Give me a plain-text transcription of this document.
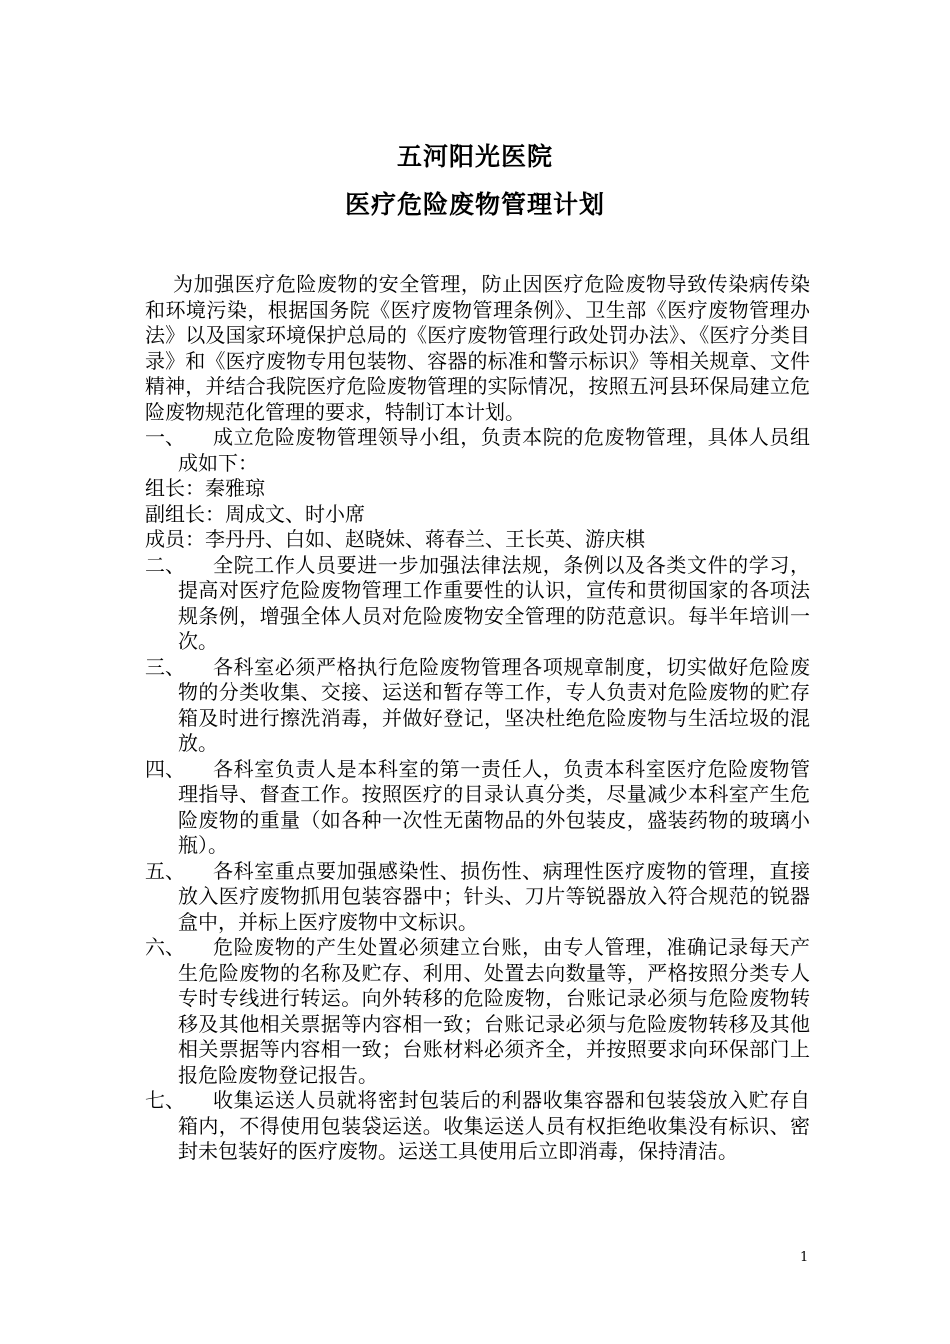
五河阳光医院
医疗危险废物管理计划

为加强医疗危险废物的安全管理，防止因医疗危险废物导致传染病传染和环境污染，根据国务院《医疗废物管理条例》、卫生部《医疗废物管理办法》以及国家环境保护总局的《医疗废物管理行政处罚办法》、《医疗分类目录》和《医疗废物专用包装物、容器的标准和警示标识》等相关规章、文件精神，并结合我院医疗危险废物管理的实际情况，按照五河县环保局建立危险废物规范化管理的要求，特制订本计划。

一、	成立危险废物管理领导小组，负责本院的危废物管理，具体人员组成如下：

组长：秦雅琼

副组长：周成文、时小席

成员：李丹丹、白如、赵晓妹、蒋春兰、王长英、游庆棋

二、	全院工作人员要进一步加强法律法规，条例以及各类文件的学习，提高对医疗危险废物管理工作重要性的认识，宣传和贯彻国家的各项法规条例，增强全体人员对危险废物安全管理的防范意识。每半年培训一次。
三、	各科室必须严格执行危险废物管理各项规章制度，切实做好危险废物的分类收集、交接、运送和暂存等工作，专人负责对危险废物的贮存箱及时进行擦洗消毒，并做好登记，坚决杜绝危险废物与生活垃圾的混放。
四、	各科室负责人是本科室的第一责任人，负责本科室医疗危险废物管理指导、督查工作。按照医疗的目录认真分类，尽量减少本科室产生危险废物的重量（如各种一次性无菌物品的外包装皮，盛装药物的玻璃小瓶）。
五、	各科室重点要加强感染性、损伤性、病理性医疗废物的管理，直接放入医疗废物抓用包装容器中；针头、刀片等锐器放入符合规范的锐器盒中，并标上医疗废物中文标识。
六、	危险废物的产生处置必须建立台账，由专人管理，准确记录每天产生危险废物的名称及贮存、利用、处置去向数量等，严格按照分类专人专时专线进行转运。向外转移的危险废物，台账记录必须与危险废物转移及其他相关票据等内容相一致；台账记录必须与危险废物转移及其他相关票据等内容相一致；台账材料必须齐全，并按照要求向环保部门上报危险废物登记报告。
七、	收集运送人员就将密封包装后的利器收集容器和包装袋放入贮存自箱内，不得使用包装袋运送。收集运送人员有权拒绝收集没有标识、密封未包装好的医疗废物。运送工具使用后立即消毒，保持清洁。
1
